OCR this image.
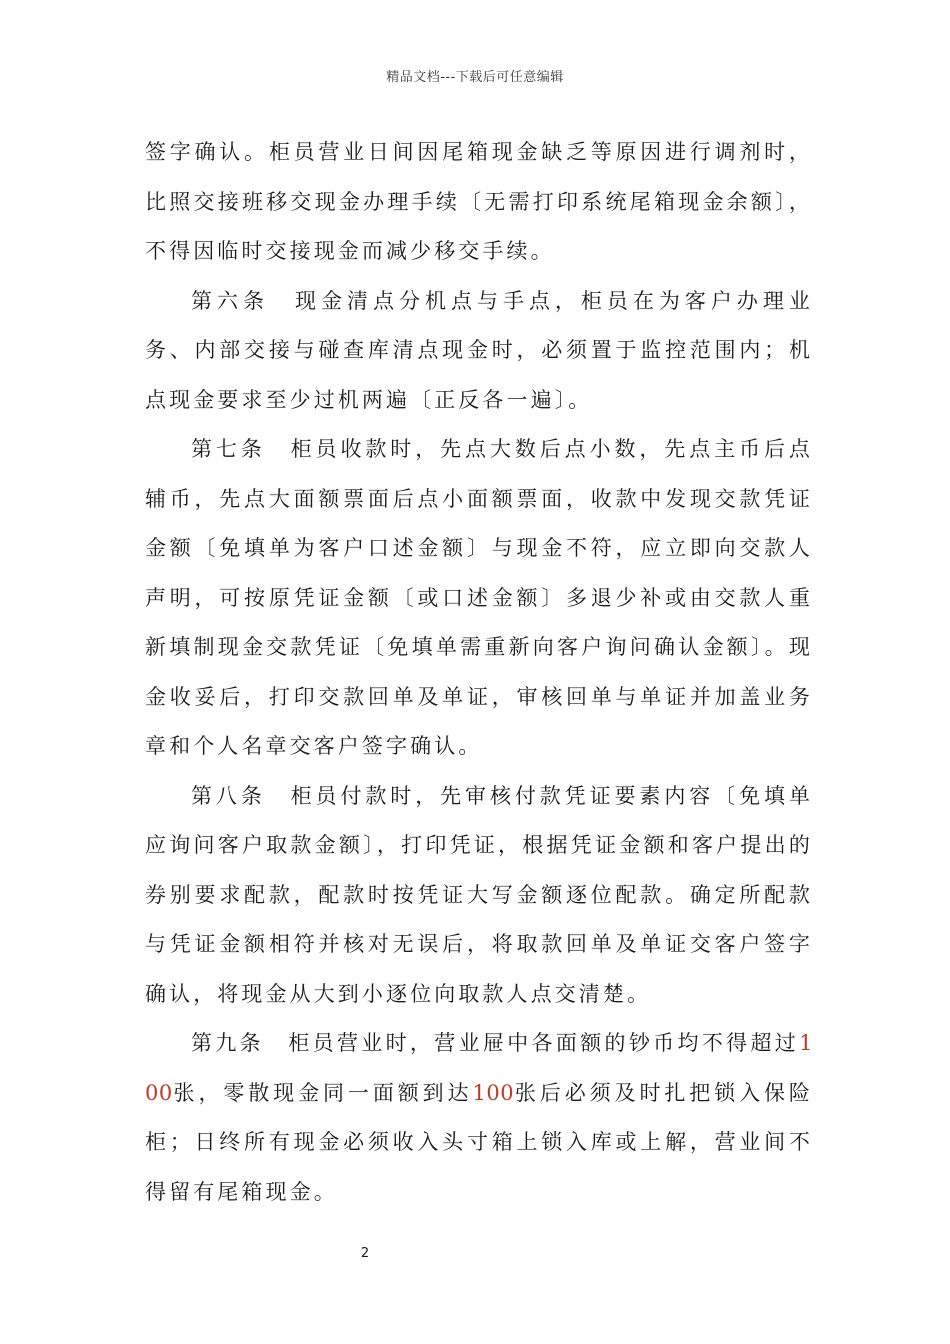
精品文档---下载后可任意编辑

签字确认。柜员营业日间因尾箱现金缺乏等原因进行调剂时，比照交接班移交现金办理手续〔无需打印系统尾箱现金余额〕，不得因临时交接现金而减少移交手续。

第六条　现金清点分机点与手点，柜员在为客户办理业务、内部交接与碰查库清点现金时，必须置于监控范围内；机点现金要求至少过机两遍〔正反各一遍〕。

第七条　柜员收款时，先点大数后点小数，先点主币后点辅币，先点大面额票面后点小面额票面，收款中发现交款凭证金额〔免填单为客户口述金额〕与现金不符，应立即向交款人声明，可按原凭证金额〔或口述金额〕多退少补或由交款人重新填制现金交款凭证〔免填单需重新向客户询问确认金额〕。现金收妥后，打印交款回单及单证，审核回单与单证并加盖业务章和个人名章交客户签字确认。

第八条　柜员付款时，先审核付款凭证要素内容〔免填单应询问客户取款金额〕，打印凭证，根据凭证金额和客户提出的券别要求配款，配款时按凭证大写金额逐位配款。确定所配款与凭证金额相符并核对无误后，将取款回单及单证交客户签字确认，将现金从大到小逐位向取款人点交清楚。

第九条　柜员营业时，营业屉中各面额的钞币均不得超过100张，零散现金同一面额到达100张后必须及时扎把锁入保险柜；日终所有现金必须收入头寸箱上锁入库或上解，营业间不得留有尾箱现金。

2
